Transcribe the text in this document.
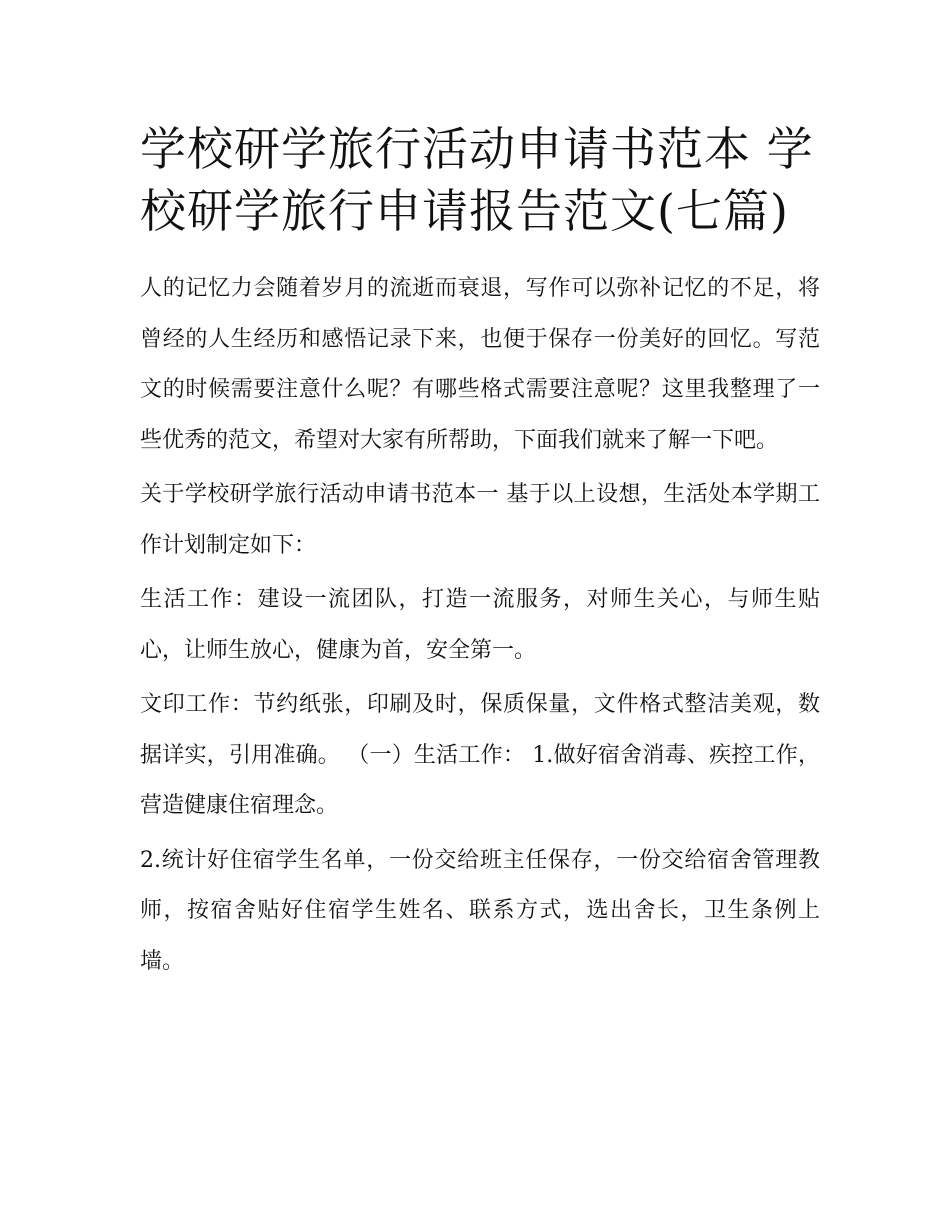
学校研学旅行活动申请书范本 学校研学旅行申请报告范文(七篇)

人的记忆力会随着岁月的流逝而衰退，写作可以弥补记忆的不足，将曾经的人生经历和感悟记录下来，也便于保存一份美好的回忆。写范文的时候需要注意什么呢？有哪些格式需要注意呢？这里我整理了一些优秀的范文，希望对大家有所帮助，下面我们就来了解一下吧。

关于学校研学旅行活动申请书范本一 基于以上设想，生活处本学期工作计划制定如下：

生活工作：建设一流团队，打造一流服务，对师生关心，与师生贴心，让师生放心，健康为首，安全第一。

文印工作：节约纸张，印刷及时，保质保量，文件格式整洁美观，数据详实，引用准确。 （一）生活工作： 1.做好宿舍消毒、疾控工作，营造健康住宿理念。

2.统计好住宿学生名单，一份交给班主任保存，一份交给宿舍管理教师，按宿舍贴好住宿学生姓名、联系方式，选出舍长，卫生条例上墙。
